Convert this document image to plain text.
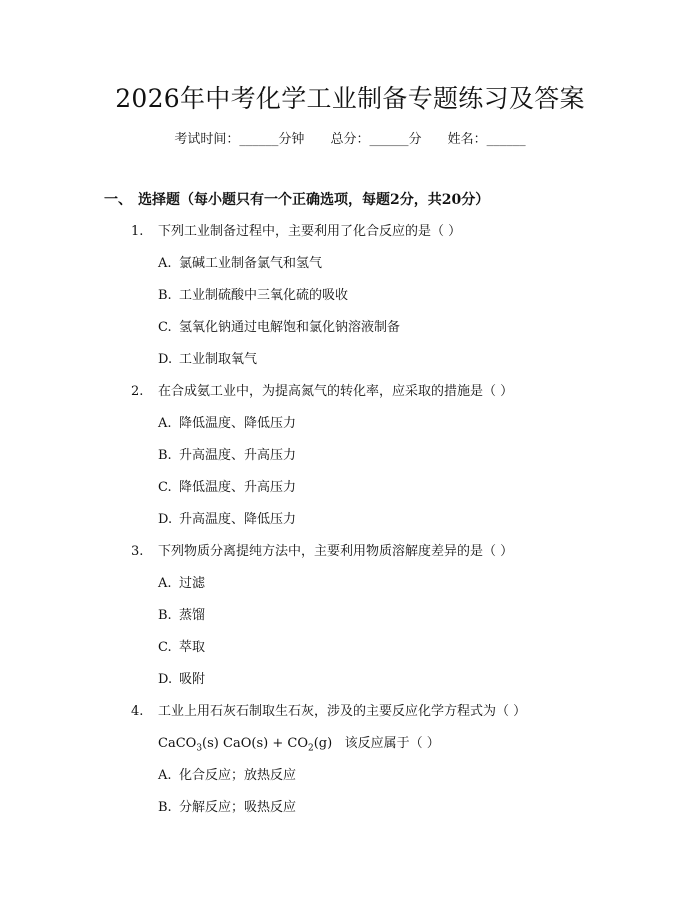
2026年中考化学工业制备专题练习及答案
考试时间：______分钟 总分：______分 姓名：______
一、 选择题（每小题只有一个正确选项，每题2分，共20分）
1. 下列工业制备过程中，主要利用了化合反应的是（ ）
A. 氯碱工业制备氯气和氢气
B. 工业制硫酸中三氧化硫的吸收
C. 氢氧化钠通过电解饱和氯化钠溶液制备
D. 工业制取氧气
2. 在合成氨工业中，为提高氮气的转化率，应采取的措施是（ ）
A. 降低温度、降低压力
B. 升高温度、升高压力
C. 降低温度、升高压力
D. 升高温度、降低压力
3. 下列物质分离提纯方法中，主要利用物质溶解度差异的是（ ）
A. 过滤
B. 蒸馏
C. 萃取
D. 吸附
4. 工业上用石灰石制取生石灰，涉及的主要反应化学方程式为（ ）
CaCO$_3$(s) $CaO(s) + CO_2(g)$ 该反应属于（ ）
A. 化合反应；放热反应
B. 分解反应；吸热反应
